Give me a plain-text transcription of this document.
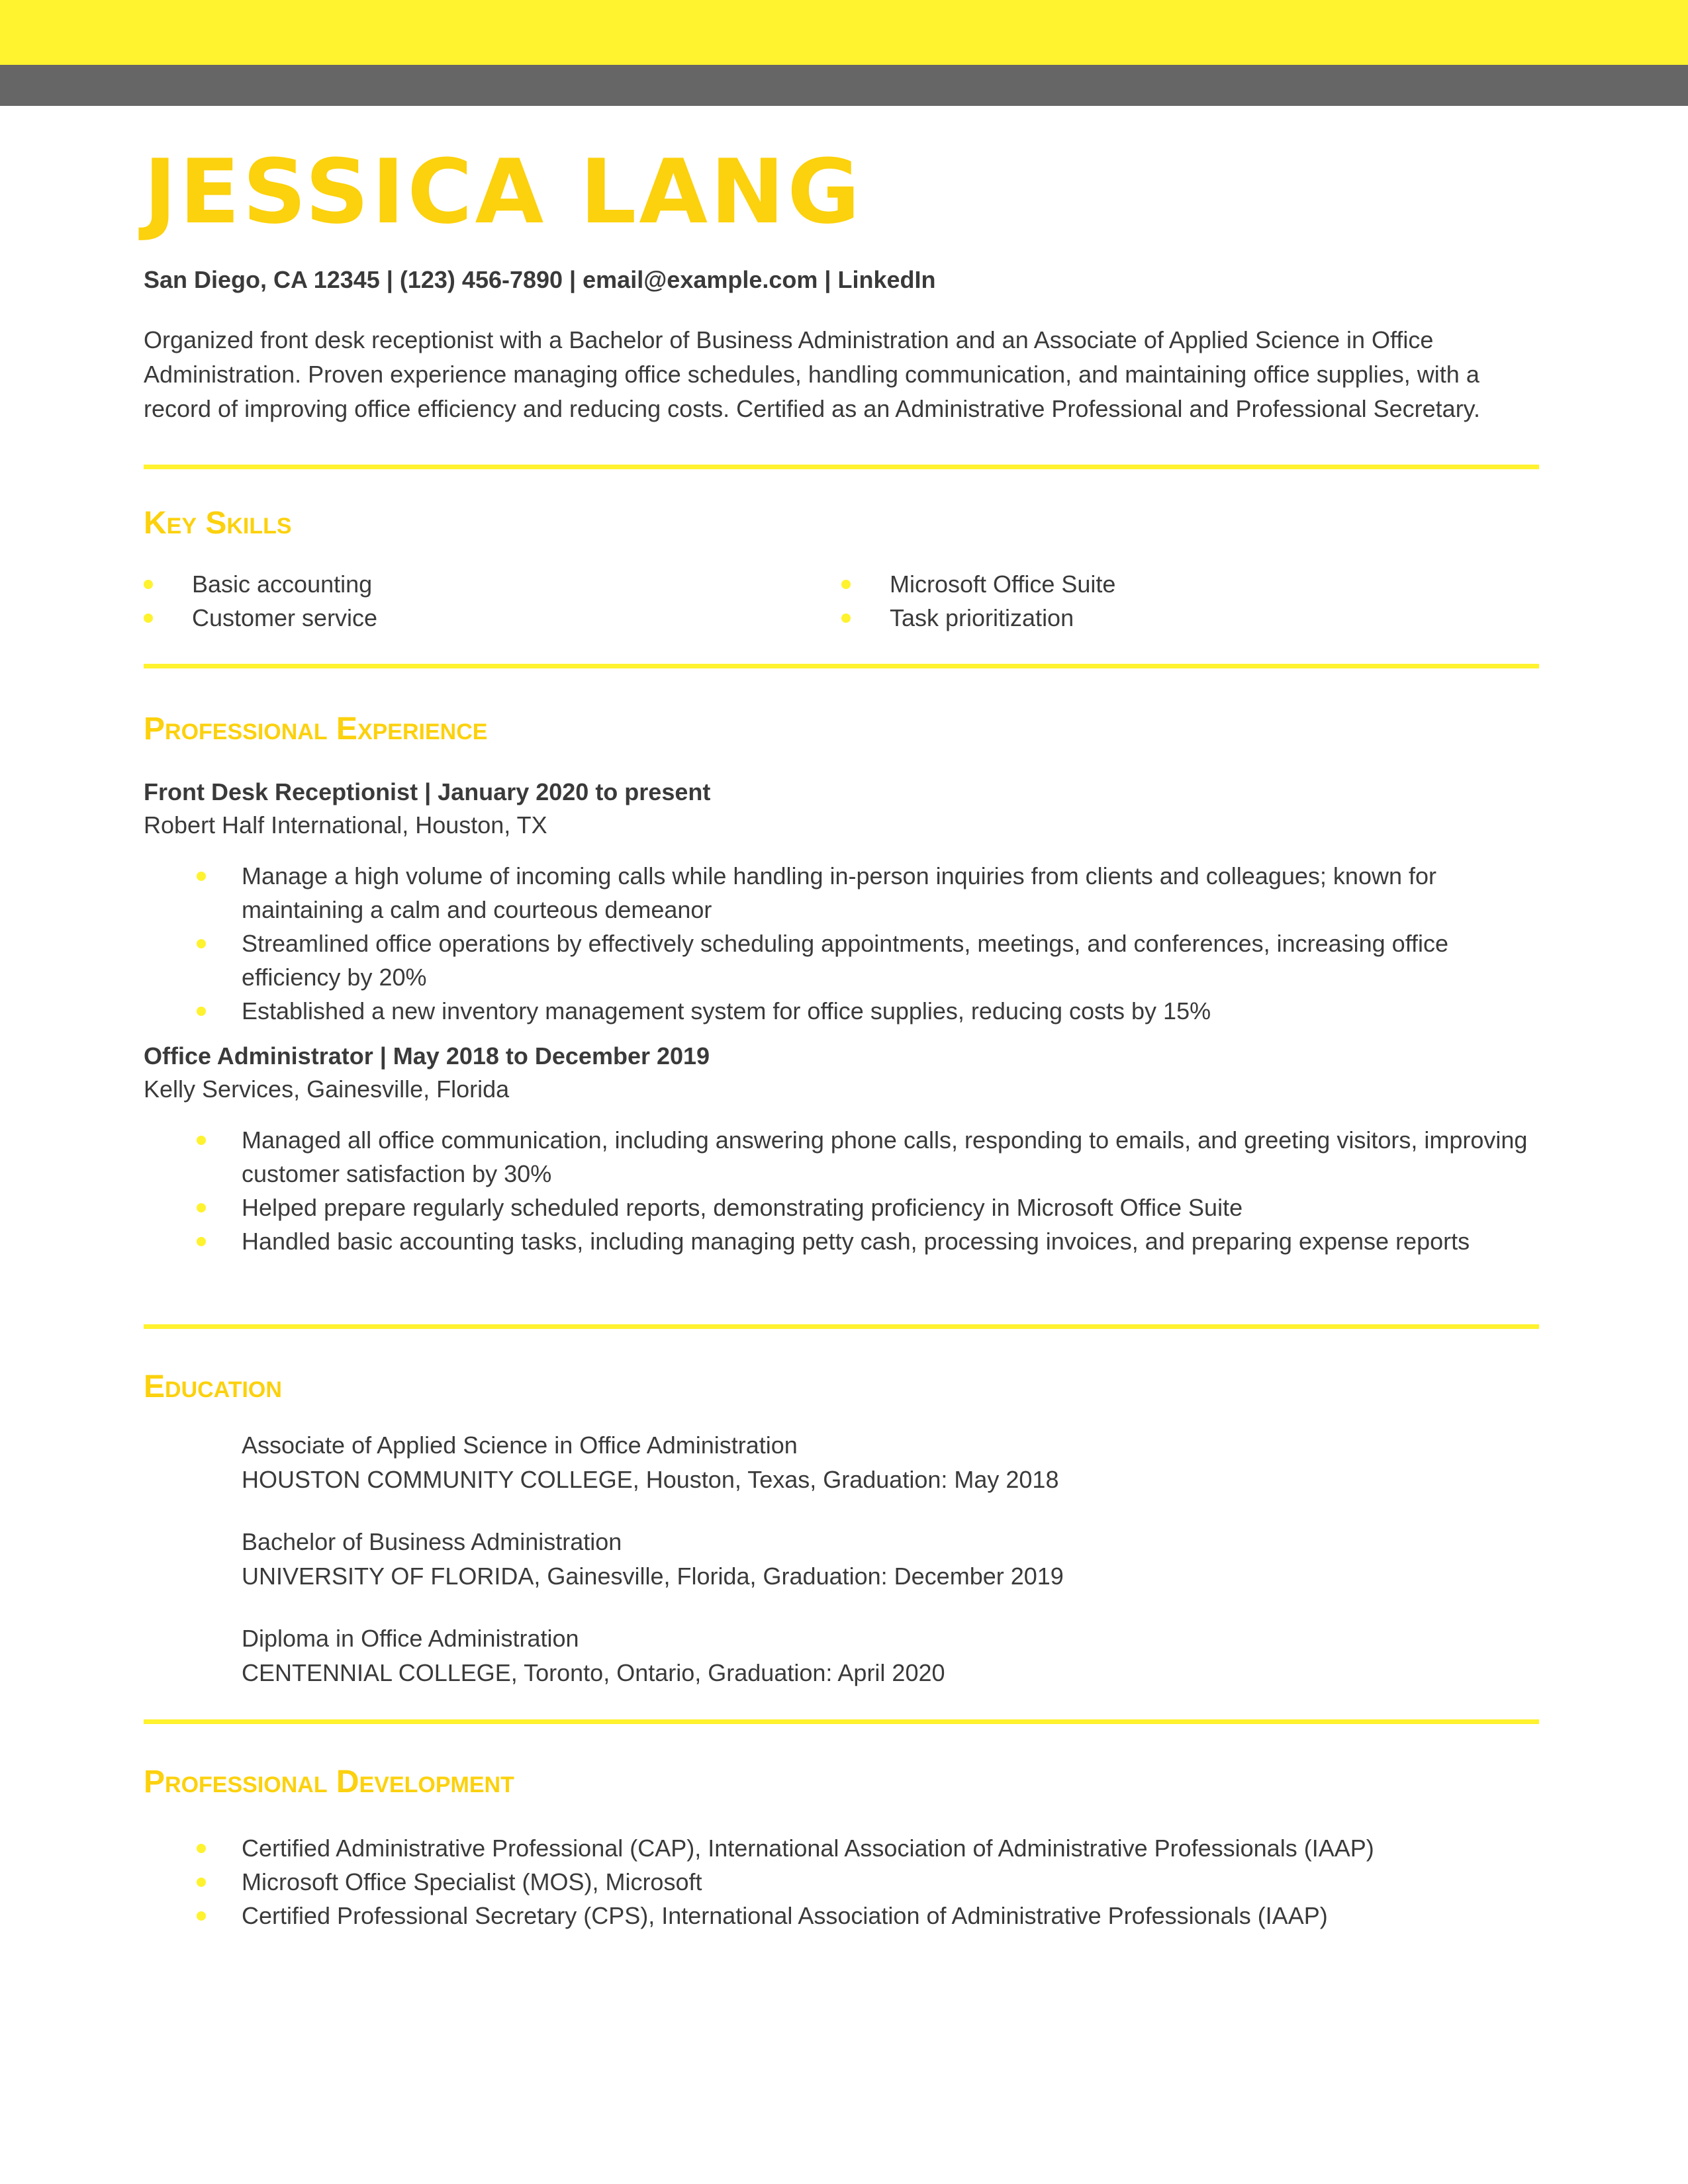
JESSICA LANG
San Diego, CA 12345 | (123) 456-7890 | email@example.com | LinkedIn
Organized front desk receptionist with a Bachelor of Business Administration and an Associate of Applied Science in Office Administration. Proven experience managing office schedules, handling communication, and maintaining office supplies, with a record of improving office efficiency and reducing costs. Certified as an Administrative Professional and Professional Secretary.
Key Skills
Basic accounting
Customer service
Microsoft Office Suite
Task prioritization
Professional Experience
Front Desk Receptionist | January 2020 to present
Robert Half International, Houston, TX
Manage a high volume of incoming calls while handling in-person inquiries from clients and colleagues; known for maintaining a calm and courteous demeanor
Streamlined office operations by effectively scheduling appointments, meetings, and conferences, increasing office efficiency by 20%
Established a new inventory management system for office supplies, reducing costs by 15%
Office Administrator | May 2018 to December 2019
Kelly Services, Gainesville, Florida
Managed all office communication, including answering phone calls, responding to emails, and greeting visitors, improving customer satisfaction by 30%
Helped prepare regularly scheduled reports, demonstrating proficiency in Microsoft Office Suite
Handled basic accounting tasks, including managing petty cash, processing invoices, and preparing expense reports
Education
Associate of Applied Science in Office Administration
HOUSTON COMMUNITY COLLEGE, Houston, Texas, Graduation: May 2018
Bachelor of Business Administration
UNIVERSITY OF FLORIDA, Gainesville, Florida, Graduation: December 2019
Diploma in Office Administration
CENTENNIAL COLLEGE, Toronto, Ontario, Graduation: April 2020
Professional Development
Certified Administrative Professional (CAP), International Association of Administrative Professionals (IAAP)
Microsoft Office Specialist (MOS), Microsoft
Certified Professional Secretary (CPS), International Association of Administrative Professionals (IAAP)
